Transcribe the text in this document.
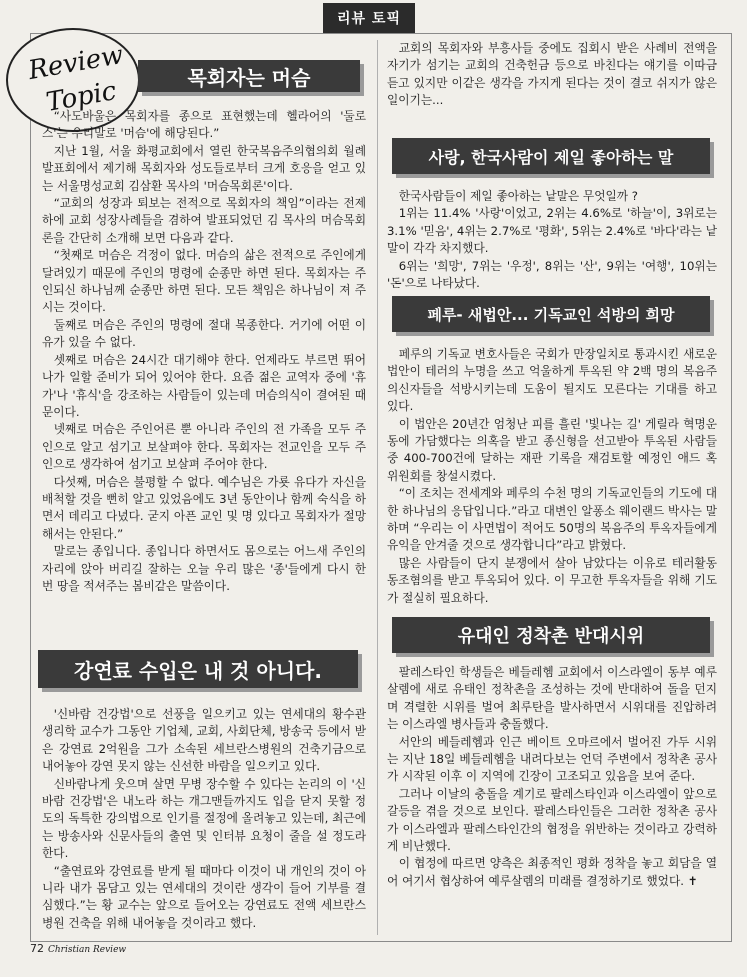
리뷰 토픽
Review
Topic	목회자는 머슴

“사도바울은 목회자를 종으로 표현했는데 헬라어의 '둘로스'는 우리말로 '머슴'에 해당된다.”

지난 1월, 서울 화평교회에서 열린 한국복음주의협의회 월례발표회에서 제기해 목회자와 성도들로부터 크게 호응을 얻고 있는 서울명성교회 김삼환 목사의 '머슴목회론'이다.

“교회의 성장과 퇴보는 전적으로 목회자의 책임”이라는 전제하에 교회 성장사례들을 겸하여 발표되었던 김 목사의 머슴목회론을 간단히 소개해 보면 다음과 같다.

“첫째로 머슴은 걱정이 없다. 머슴의 삶은 전적으로 주인에게 달려있기 때문에 주인의 명령에 순종만 하면 된다. 목회자는 주인되신 하나님께 순종만 하면 된다. 모든 책임은 하나님이 져 주시는 것이다.

둘째로 머슴은 주인의 명령에 절대 복종한다. 거기에 어떤 이유가 있을 수 없다.

셋째로 머슴은 24시간 대기해야 한다. 언제라도 부르면 뛰어나가 일할 준비가 되어 있어야 한다. 요즘 젊은 교역자 중에 '휴가'나 '휴식'을 강조하는 사람들이 있는데 머슴의식이 결여된 때문이다.

넷째로 머슴은 주인어른 뿐 아니라 주인의 전 가족을 모두 주인으로 알고 섬기고 보살펴야 한다. 목회자는 전교인을 모두 주인으로 생각하여 섬기고 보살펴 주어야 한다.

다섯째, 머슴은 불평할 수 없다. 예수님은 가룟 유다가 자신을 배척할 것을 뻔히 알고 있었음에도 3년 동안이나 함께 숙식을 하면서 데리고 다녔다. 굳지 아픈 교인 및 명 있다고 목회자가 절망해서는 안된다.”

말로는 종입니다. 종입니다 하면서도 몸으로는 어느새 주인의 자리에 앉아 버리길 잘하는 오늘 우리 많은 '종'들에게 다시 한 번 땅을 적셔주는 봄비같은 말씀이다.

강연료 수입은 내 것 아니다.

'신바람 건강법'으로 선풍을 일으키고 있는 연세대의 황수관 생리학 교수가 그동안 기업체, 교회, 사회단체, 방송국 등에서 받은 강연료 2억원을 그가 소속된 세브란스병원의 건축기금으로 내어놓아 강연 못지 않는 신선한 바람을 일으키고 있다.

신바람나게 웃으며 살면 무병 장수할 수 있다는 논리의 이 '신바람 건강법'은 내노라 하는 개그맨들까지도 입을 닫지 못할 정도의 독특한 강의법으로 인기를 절정에 올려놓고 있는데, 최근에는 방송사와 신문사들의 출연 및 인터뷰 요청이 줄을 설 정도라 한다.

“출연료와 강연료를 받게 될 때마다 이것이 내 개인의 것이 아니라 내가 몸담고 있는 연세대의 것이란 생각이 들어 기부를 결심했다.”는 황 교수는 앞으로 들어오는 강연료도 전액 세브란스 병원 건축을 위해 내어놓을 것이라고 했다.

교회의 목회자와 부흥사들 중에도 집회시 받은 사례비 전액을 자기가 섬기는 교회의 건축헌금 등으로 바친다는 얘기를 이따금 듣고 있지만 이같은 생각을 가지게 된다는 것이 결코 쉬지가 않은 일이기는...

사랑, 한국사람이 제일 좋아하는 말

한국사람들이 제일 좋아하는 낱말은 무엇일까 ?

1위는 11.4% '사랑'이었고, 2위는 4.6%로 '하늘'이, 3위로는 3.1% '믿음', 4위는 2.7%로 '평화', 5위는 2.4%로 '바다'라는 낱말이 각각 차지했다.

6위는 '희망', 7위는 '우정', 8위는 '산', 9위는 '여행', 10위는 '돈'으로 나타났다.

페루- 새법안... 기독교인 석방의 희망

페루의 기독교 변호사들은 국회가 만장일치로 통과시킨 새로운 법안이 테러의 누명을 쓰고 억울하게 투옥된 약 2백 명의 복음주의신자들을 석방시키는데 도움이 될지도 모른다는 기대를 하고 있다.

이 법안은 20년간 엄청난 피를 흘린 '빛나는 길' 게릴라 혁명운동에 가담했다는 의혹을 받고 종신형을 선고받아 투옥된 사람들 중 400-700건에 달하는 재판 기록을 재검토할 예정인 애드 혹 위원회를 창설시켰다.

“이 조치는 전세계와 페루의 수천 명의 기독교인들의 기도에 대한 하나님의 응답입니다.”라고 대변인 알퐁소 웨이랜드 박사는 말하며 “우리는 이 사면법이 적어도 50명의 복음주의 투옥자들에게 유익을 안겨줄 것으로 생각합니다”라고 밝혔다.

많은 사람들이 단지 분쟁에서 살아 남았다는 이유로 테러활동 동조혐의를 받고 투옥되어 있다. 이 무고한 투옥자들을 위해 기도가 절실히 필요하다.

유대인 정착촌 반대시위

팔레스타인 학생들은 베들레헴 교회에서 이스라엘이 동부 예루살렘에 새로 유태인 정착촌을 조성하는 것에 반대하여 돌을 던지며 격렬한 시위를 벌여 최루탄을 발사하면서 시위대를 진압하려는 이스라엘 병사들과 충돌했다.

서안의 베들레헴과 인근 베이트 오마르에서 벌어진 가두 시위는 지난 18일 베들레헴을 내려다보는 언덕 주변에서 정착촌 공사가 시작된 이후 이 지역에 긴장이 고조되고 있음을 보여 준다.

그러나 이날의 충돌을 계기로 팔레스타인과 이스라엘이 앞으로 갈등을 겪을 것으로 보인다. 팔레스타인들은 그러한 정착촌 공사가 이스라엘과 팔레스타인간의 협정을 위반하는 것이라고 강력하게 비난했다.

이 협정에 따르면 양측은 최종적인 평화 정착을 놓고 회담을 열어 여기서 협상하여 예루살렘의 미래를 결정하기로 했었다. ✝

72 Christian Review
